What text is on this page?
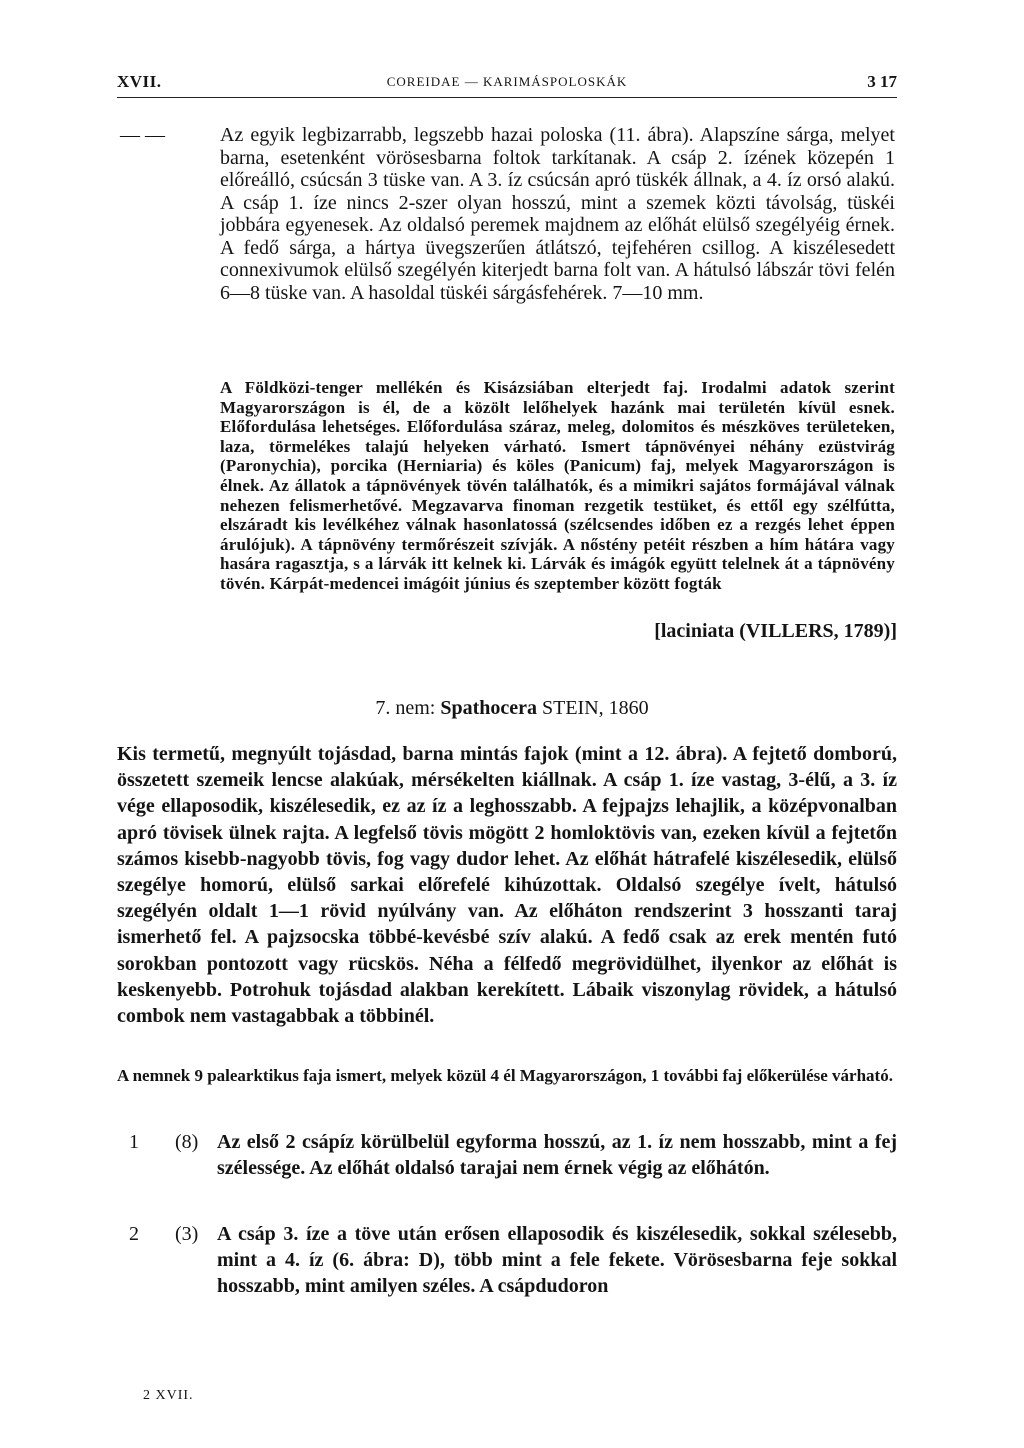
XVII.	COREIDAE — KARIMÁSPOLOSKÁK	3 17
— —	Az egyik legbizarrabb, legszebb hazai poloska (11. ábra). Alapszíne sárga, melyet barna, esetenként vörösesbarna foltok tarkítanak. A csáp 2. ízének közepén 1 előreálló, csúcsán 3 tüske van. A 3. íz csúcsán apró tüskék állnak, a 4. íz orsó alakú. A csáp 1. íze nincs 2-szer olyan hosszú, mint a szemek közti távolság, tüskéi jobbára egyenesek. Az oldalsó peremek majdnem az előhát elülső szegélyéig érnek. A fedő sárga, a hártya üvegszerűen átlátszó, tejfehéren csillog. A kiszélesedett connexivumok elülső szegélyén kiterjedt barna folt van. A hátulsó lábszár tövi felén 6—8 tüske van. A hasoldal tüskéi sárgásfehérek. 7—10 mm.
A Földközi-tenger mellékén és Kisázsiában elterjedt faj. Irodalmi adatok szerint Magyarországon is él, de a közölt lelőhelyek hazánk mai területén kívül esnek. Előfordulása lehetséges. Előfordulása száraz, meleg, dolomitos és mészköves területeken, laza, törmelékes talajú helyeken várható. Ismert tápnövényei néhány ezüstvirág (Paronychia), porcika (Herniaria) és köles (Panicum) faj, melyek Magyarországon is élnek. Az állatok a tápnövények tövén találhatók, és a mimikri sajátos formájával válnak nehezen felismerhetővé. Megzavarva finoman rezgetik testüket, és ettől egy szélfútta, elszáradt kis levélkéhez válnak hasonlatossá (szélcsendes időben ez a rezgés lehet éppen árulójuk). A tápnövény termőrészeit szívják. A nőstény petéit részben a hím hátára vagy hasára ragasztja, s a lárvák itt kelnek ki. Lárvák és imágók együtt telelnek át a tápnövény tövén. Kárpát-medencei imágóit június és szeptember között fogták
[laciniata (VILLERS, 1789)]
7. nem: Spathocera STEIN, 1860
Kis termetű, megnyúlt tojásdad, barna mintás fajok (mint a 12. ábra). A fejtető domború, összetett szemeik lencse alakúak, mérsékelten kiállnak. A csáp 1. íze vastag, 3-élű, a 3. íz vége ellaposodik, kiszélesedik, ez az íz a leghosszabb. A fejpajzs lehajlik, a középvonalban apró tövisek ülnek rajta. A legfelső tövis mögött 2 homloktövis van, ezeken kívül a fejtetőn számos kisebb-nagyobb tövis, fog vagy dudor lehet. Az előhát hátrafelé kiszélesedik, elülső szegélye homorú, elülső sarkai előrefelé kihúzottak. Oldalsó szegélye ívelt, hátulsó szegélyén oldalt 1—1 rövid nyúlvány van. Az előháton rendszerint 3 hosszanti taraj ismerhető fel. A pajzsocska többé-kevésbé szív alakú. A fedő csak az erek mentén futó sorokban pontozott vagy rücskös. Néha a félfedő megrövidülhet, ilyenkor az előhát is keskenyebb. Potrohuk tojásdad alakban kerekített. Lábaik viszonylag rövidek, a hátulsó combok nem vastagabbak a többinél.
A nemnek 9 palearktikus faja ismert, melyek közül 4 él Magyarországon, 1 további faj előkerülése várható.
1 (8) Az első 2 csápíz körülbelül egyforma hosszú, az 1. íz nem hosszabb, mint a fej szélessége. Az előhát oldalsó tarajai nem érnek végig az előhátón.
2 (3) A csáp 3. íze a töve után erősen ellaposodik és kiszélesedik, sokkal szélesebb, mint a 4. íz (6. ábra: D), több mint a fele fekete. Vörösesbarna feje sokkal hosszabb, mint amilyen széles. A csápdudoron
2 XVII.
